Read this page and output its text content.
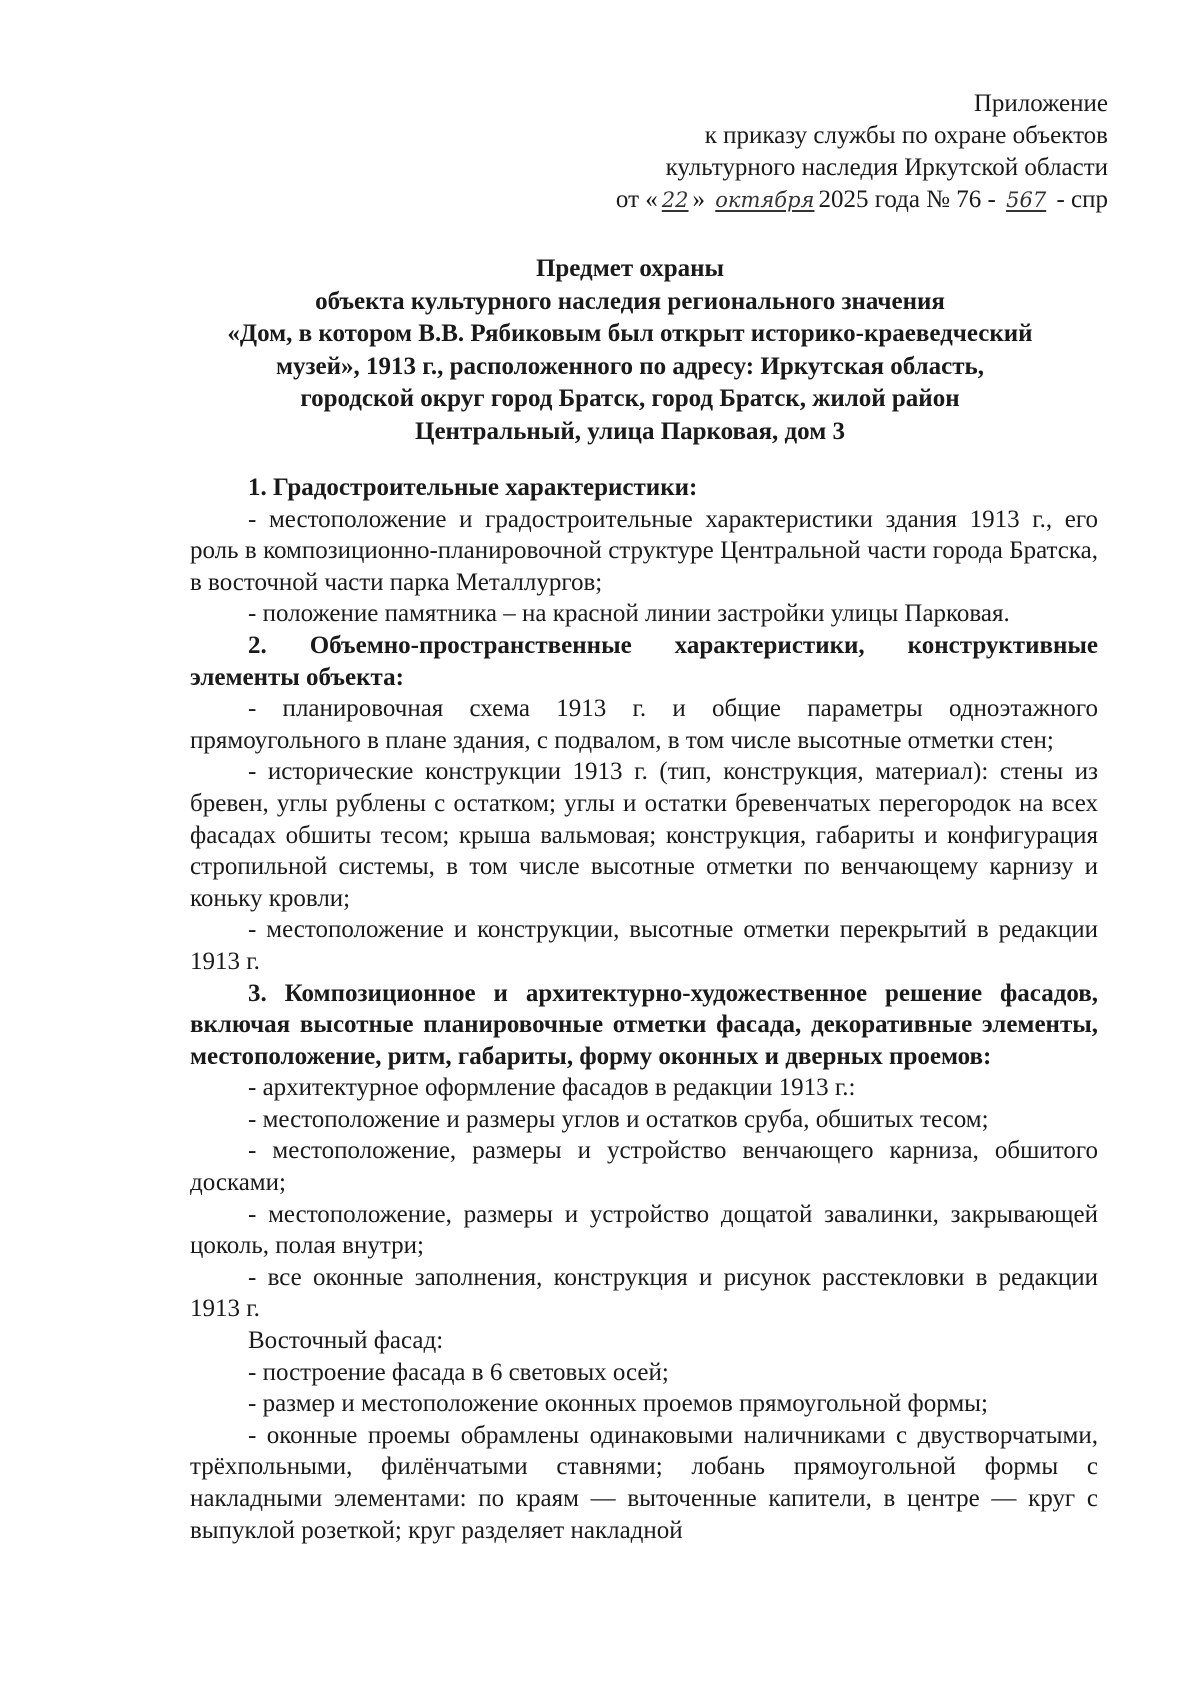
Приложение
к приказу службы по охране объектов
культурного наследия Иркутской области
от « 22 » октября 2025 года № 76 - 567 - спр
Предмет охраны
объекта культурного наследия регионального значения
«Дом, в котором В.В. Рябиковым был открыт историко-краеведческий
музей», 1913 г., расположенного по адресу: Иркутская область,
городской округ город Братск, город Братск, жилой район
Центральный, улица Парковая, дом 3

1. Градостроительные характеристики:

- местоположение и градостроительные характеристики здания 1913 г., его роль в композиционно-планировочной структуре Центральной части города Братска, в восточной части парка Металлургов;

- положение памятника – на красной линии застройки улицы Парковая.

2. Объемно-пространственные характеристики, конструктивные элементы объекта:

- планировочная схема 1913 г. и общие параметры одноэтажного прямоугольного в плане здания, с подвалом, в том числе высотные отметки стен;

- исторические конструкции 1913 г. (тип, конструкция, материал): стены из бревен, углы рублены с остатком; углы и остатки бревенчатых перегородок на всех фасадах обшиты тесом; крыша вальмовая; конструкция, габариты и конфигурация стропильной системы, в том числе высотные отметки по венчающему карнизу и коньку кровли;

- местоположение и конструкции, высотные отметки перекрытий в редакции 1913 г.

3. Композиционное и архитектурно-художественное решение фасадов, включая высотные планировочные отметки фасада, декоративные элементы, местоположение, ритм, габариты, форму оконных и дверных проемов:

- архитектурное оформление фасадов в редакции 1913 г.:

- местоположение и размеры углов и остатков сруба, обшитых тесом;

- местоположение, размеры и устройство венчающего карниза, обшитого досками;

- местоположение, размеры и устройство дощатой завалинки, закрывающей цоколь, полая внутри;

- все оконные заполнения, конструкция и рисунок расстекловки в редакции 1913 г.

Восточный фасад:

- построение фасада в 6 световых осей;

- размер и местоположение оконных проемов прямоугольной формы;

- оконные проемы обрамлены одинаковыми наличниками с двустворчатыми, трёхпольными, филёнчатыми ставнями; лобань прямоугольной формы с накладными элементами: по краям — выточенные капители, в центре — круг с выпуклой розеткой; круг разделяет накладной
